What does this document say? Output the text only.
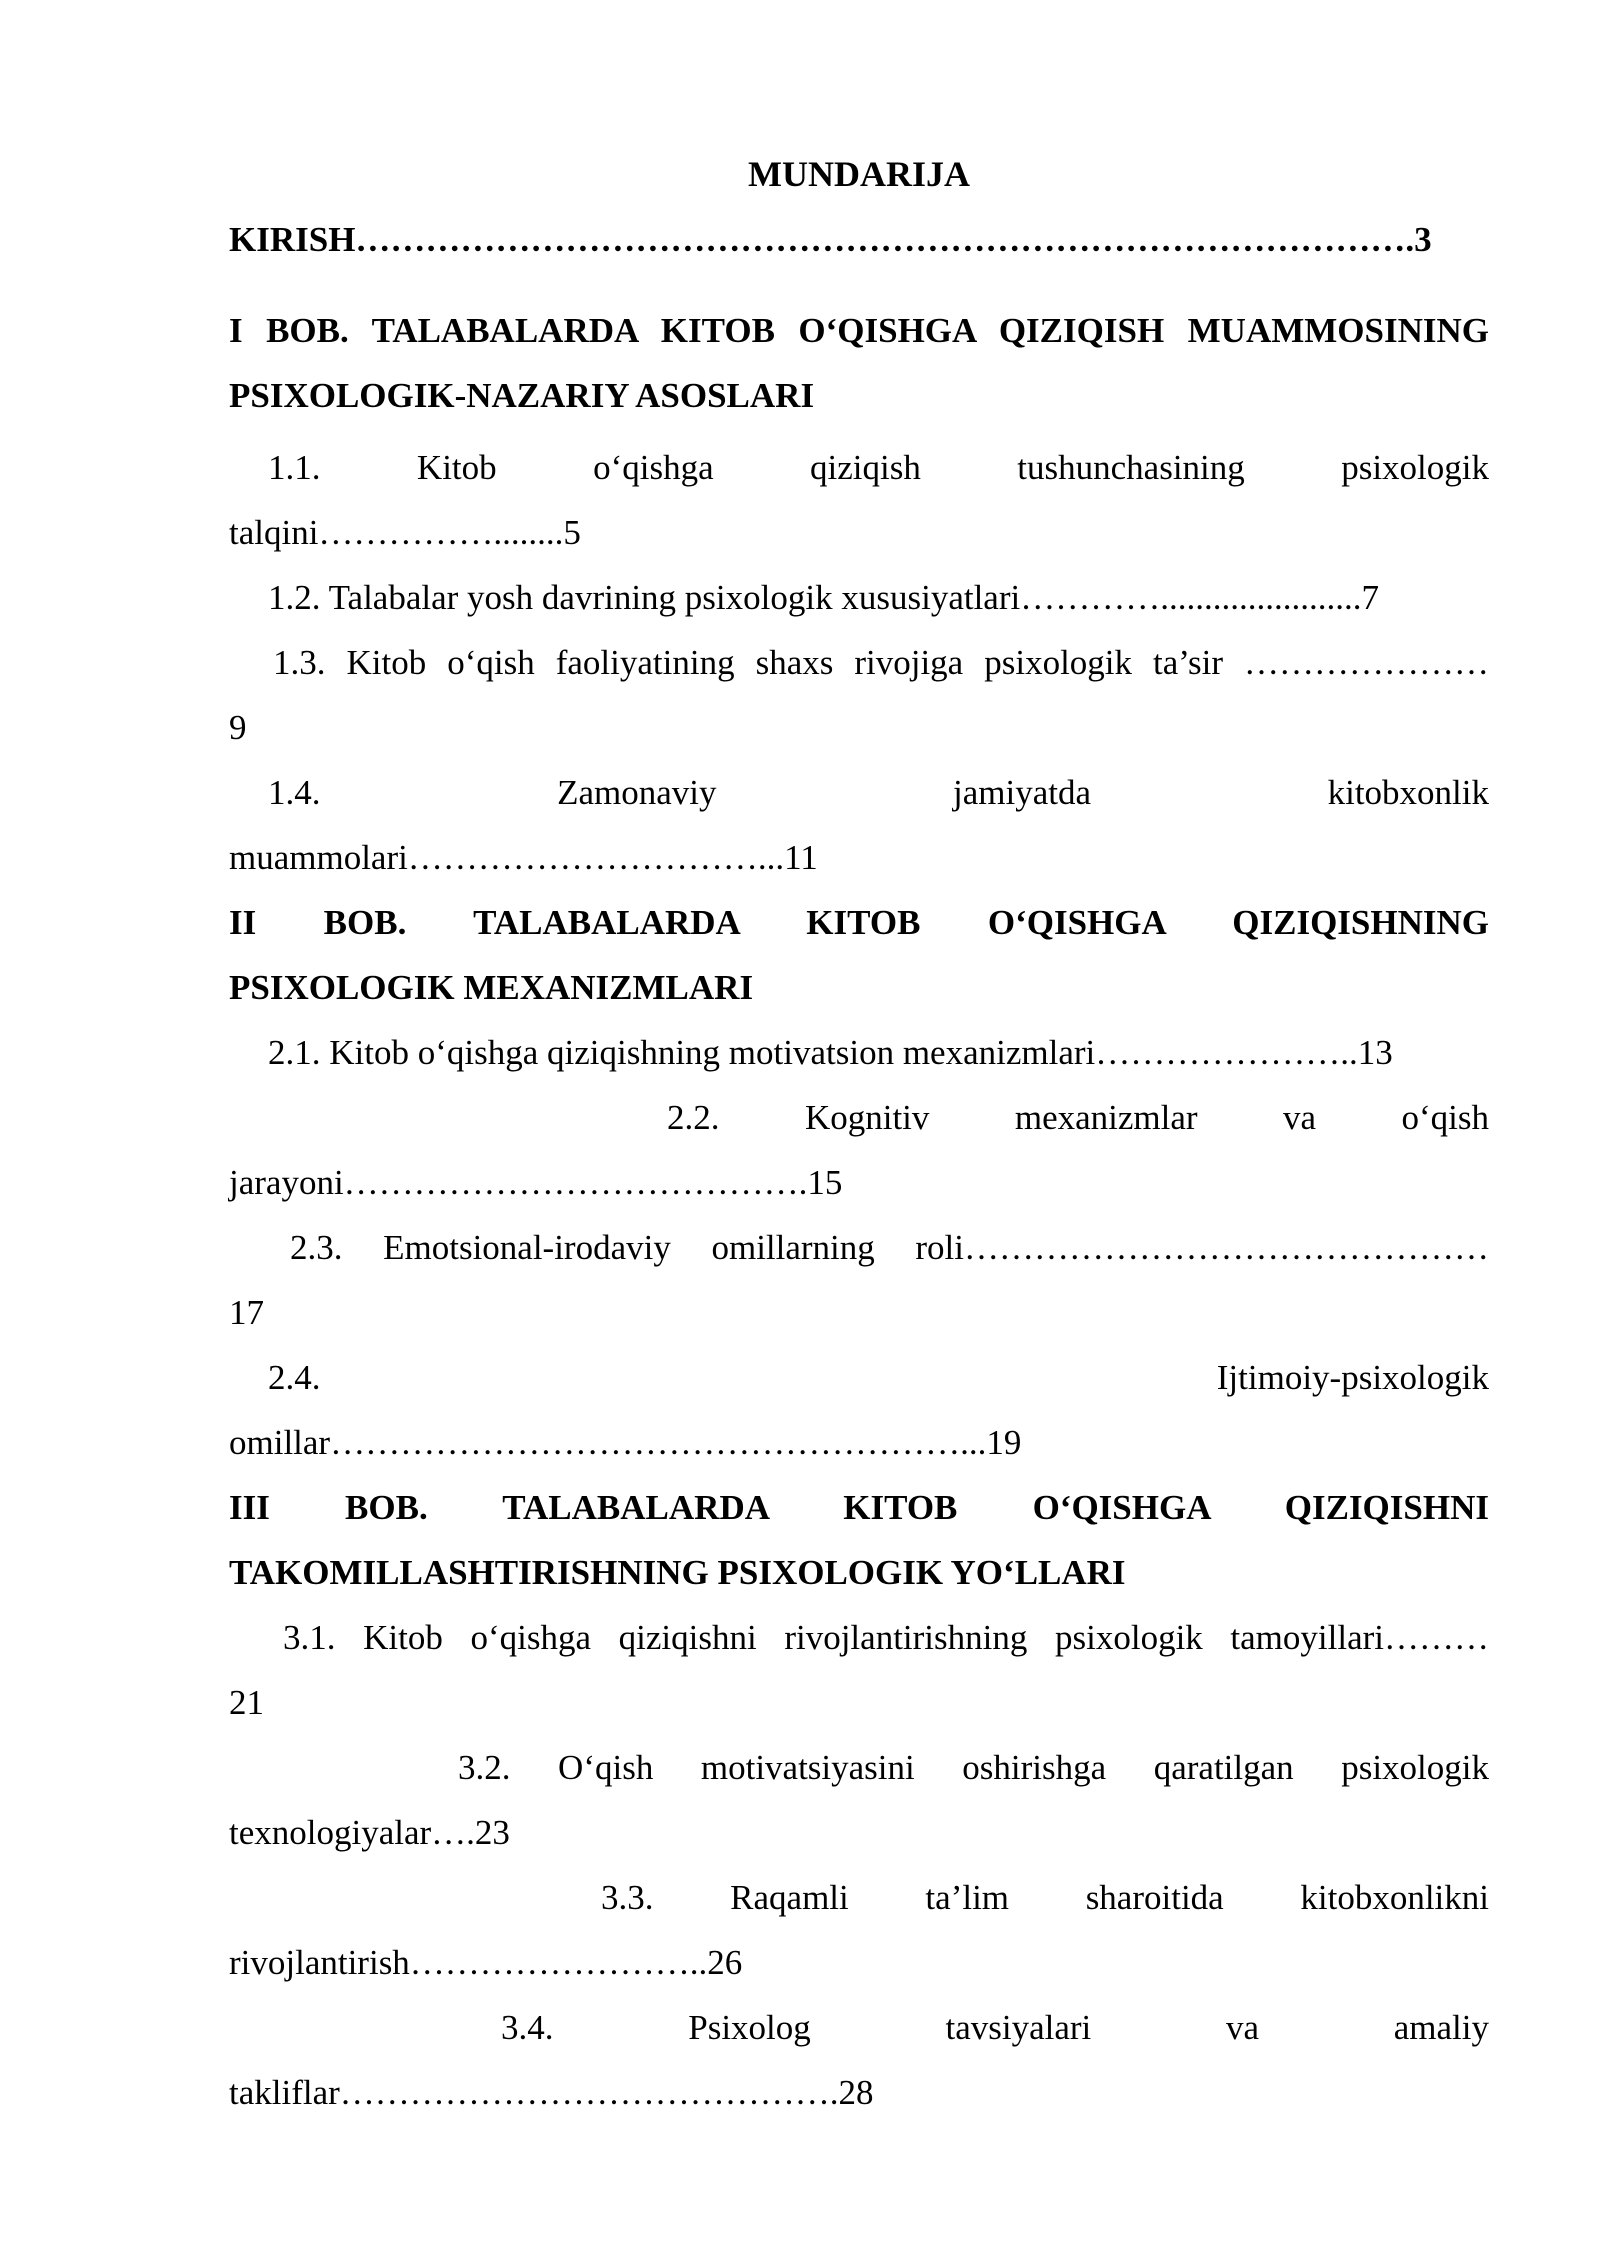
MUNDARIJA
KIRISH……………………………………………………………………………….3
I BOB. TALABALARDA KITOB O‘QISHGA QIZIQISH MUAMMOSINING
PSIXOLOGIK-NAZARIY ASOSLARI
1.1. Kitob o‘qishga qiziqish tushunchasining psixologik
talqini……………........5
1.2. Talabalar yosh davrining psixologik xususiyatlari………….......................7
1.3. Kitob o‘qish faoliyatining shaxs rivojiga psixologik ta’sir …………………
9
1.4. Zamonaviy jamiyatda kitobxonlik
muammolari…………………………...11
II BOB. TALABALARDA KITOB O‘QISHGA QIZIQISHNING
PSIXOLOGIK MEXANIZMLARI
2.1. Kitob o‘qishga qiziqishning motivatsion mexanizmlari…………………..13
2.2. Kognitiv mexanizmlar va o‘qish
jarayoni………………………………….15
2.3. Emotsional-irodaviy omillarning roli………………………………………
17
2.4. Ijtimoiy-psixologik
omillar………………………………………………...19
III BOB. TALABALARDA KITOB O‘QISHGA QIZIQISHNI
TAKOMILLASHTIRISHNING PSIXOLOGIK YO‘LLARI
3.1. Kitob o‘qishga qiziqishni rivojlantirishning psixologik tamoyillari………
21
3.2. O‘qish motivatsiyasini oshirishga qaratilgan psixologik
texnologiyalar….23
3.3. Raqamli ta’lim sharoitida kitobxonlikni
rivojlantirish……………………..26
3.4. Psixolog tavsiyalari va amaliy
takliflar…………………………………….28
